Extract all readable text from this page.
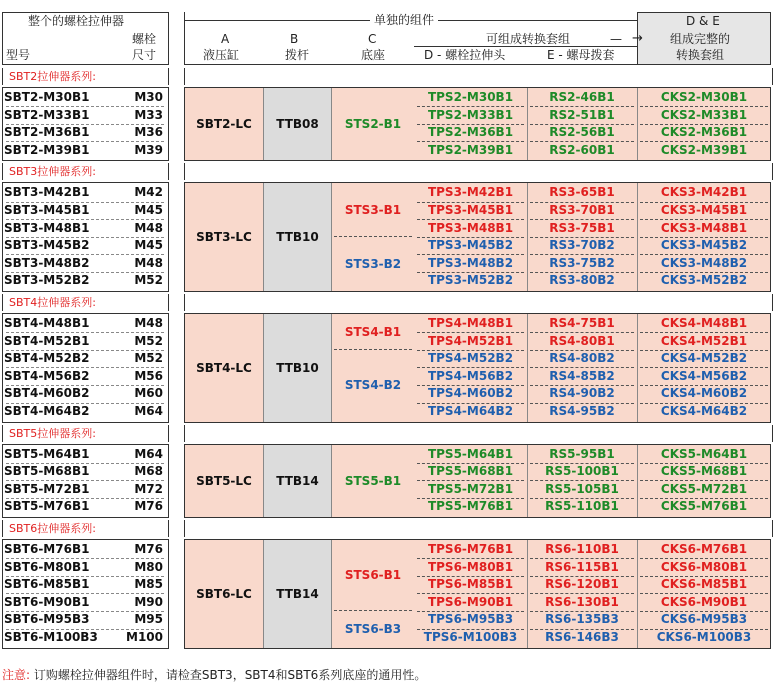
整个的螺栓拉伸器
螺栓
型号	尺寸
单独的组件	D & E
A
液压缸
B
拨杆
C
底座
可组成转换套组	— →
D - 螺栓拉伸头	E - 螺母拨套
组成完整的
转换套组
SBT2拉伸器系列:
SBT2-LC	TTB08	STS2-B1
SBT2-M30B1	M30	TPS2-M30B1	RS2-46B1	CKS2-M30B1
SBT2-M33B1	M33	TPS2-M33B1	RS2-51B1	CKS2-M33B1
SBT2-M36B1	M36	TPS2-M36B1	RS2-56B1	CKS2-M36B1
SBT2-M39B1	M39	TPS2-M39B1	RS2-60B1	CKS2-M39B1
SBT3拉伸器系列:
SBT3-LC	TTB10
STS3-B1
STS3-B2
SBT3-M42B1	M42	TPS3-M42B1	RS3-65B1	CKS3-M42B1
SBT3-M45B1	M45	TPS3-M45B1	RS3-70B1	CKS3-M45B1
SBT3-M48B1	M48	TPS3-M48B1	RS3-75B1	CKS3-M48B1
SBT3-M45B2	M45	TPS3-M45B2	RS3-70B2	CKS3-M45B2
SBT3-M48B2	M48	TPS3-M48B2	RS3-75B2	CKS3-M48B2
SBT3-M52B2	M52	TPS3-M52B2	RS3-80B2	CKS3-M52B2
SBT4拉伸器系列:
SBT4-LC	TTB10
STS4-B1
STS4-B2
SBT4-M48B1	M48	TPS4-M48B1	RS4-75B1	CKS4-M48B1
SBT4-M52B1	M52	TPS4-M52B1	RS4-80B1	CKS4-M52B1
SBT4-M52B2	M52	TPS4-M52B2	RS4-80B2	CKS4-M52B2
SBT4-M56B2	M56	TPS4-M56B2	RS4-85B2	CKS4-M56B2
SBT4-M60B2	M60	TPS4-M60B2	RS4-90B2	CKS4-M60B2
SBT4-M64B2	M64	TPS4-M64B2	RS4-95B2	CKS4-M64B2
SBT5拉伸器系列:
SBT5-LC	TTB14	STS5-B1
SBT5-M64B1	M64	TPS5-M64B1	RS5-95B1	CKS5-M64B1
SBT5-M68B1	M68	TPS5-M68B1	RS5-100B1	CKS5-M68B1
SBT5-M72B1	M72	TPS5-M72B1	RS5-105B1	CKS5-M72B1
SBT5-M76B1	M76	TPS5-M76B1	RS5-110B1	CKS5-M76B1
SBT6拉伸器系列:
SBT6-LC	TTB14
STS6-B1
STS6-B3
SBT6-M76B1	M76	TPS6-M76B1	RS6-110B1	CKS6-M76B1
SBT6-M80B1	M80	TPS6-M80B1	RS6-115B1	CKS6-M80B1
SBT6-M85B1	M85	TPS6-M85B1	RS6-120B1	CKS6-M85B1
SBT6-M90B1	M90	TPS6-M90B1	RS6-130B1	CKS6-M90B1
SBT6-M95B3	M95	TPS6-M95B3	RS6-135B3	CKS6-M95B3
SBT6-M100B3 M100	TPS6-M100B3	RS6-146B3	CKS6-M100B3
注意: 订购螺栓拉伸器组件时，请检查SBT3，SBT4和SBT6系列底座的通用性。
